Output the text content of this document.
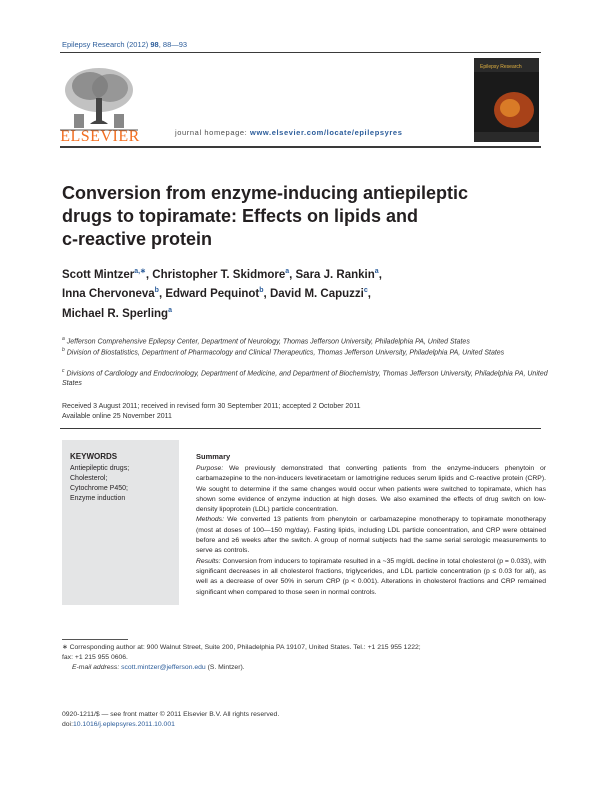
Epilepsy Research (2012) 98, 88—93
ELSEVIER	journal homepage: www.elsevier.com/locate/epilepsyres
Epilepsy Research
Conversion from enzyme-inducing antiepileptic
drugs to topiramate: Effects on lipids and
c-reactive protein
Scott Mintzer$^{a,∗}$, Christopher T. Skidmore$^a$, Sara J. Rankin$^a$,
Inna Chervoneva$^b$, Edward Pequinot$^b$, David M. Capuzzi$^c$,
Michael R. Sperling$^a$
$^a$ Jefferson Comprehensive Epilepsy Center, Department of Neurology, Thomas Jefferson University, Philadelphia PA, United States
$^b$ Division of Biostatistics, Department of Pharmacology and Clinical Therapeutics, Thomas Jefferson University, Philadelphia PA, United States
$^c$ Divisions of Cardiology and Endocrinology, Department of Medicine, and Department of Biochemistry, Thomas Jefferson University, Philadelphia PA, United States
Received 3 August 2011; received in revised form 30 September 2011; accepted 2 October 2011
Available online 25 November 2011
KEYWORDS
Antiepileptic drugs;
Cholesterol;
Cytochrome P450;
Enzyme induction
Summary
Purpose: We previously demonstrated that converting patients from the enzyme-inducers phenytoin or carbamazepine to the non-inducers levetiracetam or lamotrigine reduces serum lipids and C-reactive protein (CRP). We sought to determine if the same changes would occur when patients were switched to topiramate, which has shown some evidence of enzyme induction at high doses. We also examined the effects of drug switch on low-density lipoprotein (LDL) particle concentration.
Methods: We converted 13 patients from phenytoin or carbamazepine monotherapy to topiramate monotherapy (most at doses of 100—150 mg/day). Fasting lipids, including LDL particle concentration, and CRP were obtained before and ≥6 weeks after the switch. A group of normal subjects had the same serial serologic measurements to serve as controls.
Results: Conversion from inducers to topiramate resulted in a ~35 mg/dL decline in total cholesterol (p = 0.033), with significant decreases in all cholesterol fractions, triglycerides, and LDL particle concentration (p ≤ 0.03 for all), as well as a decrease of over 50% in serum CRP (p < 0.001). Alterations in cholesterol fractions and CRP remained significant when compared to those seen in normal controls.
∗ Corresponding author at: 900 Walnut Street, Suite 200, Philadelphia PA 19107, United States. Tel.: +1 215 955 1222;
fax: +1 215 955 0606.
E-mail address: scott.mintzer@jefferson.edu (S. Mintzer).
0920-1211/$ — see front matter © 2011 Elsevier B.V. All rights reserved.
doi:10.1016/j.eplepsyres.2011.10.001
